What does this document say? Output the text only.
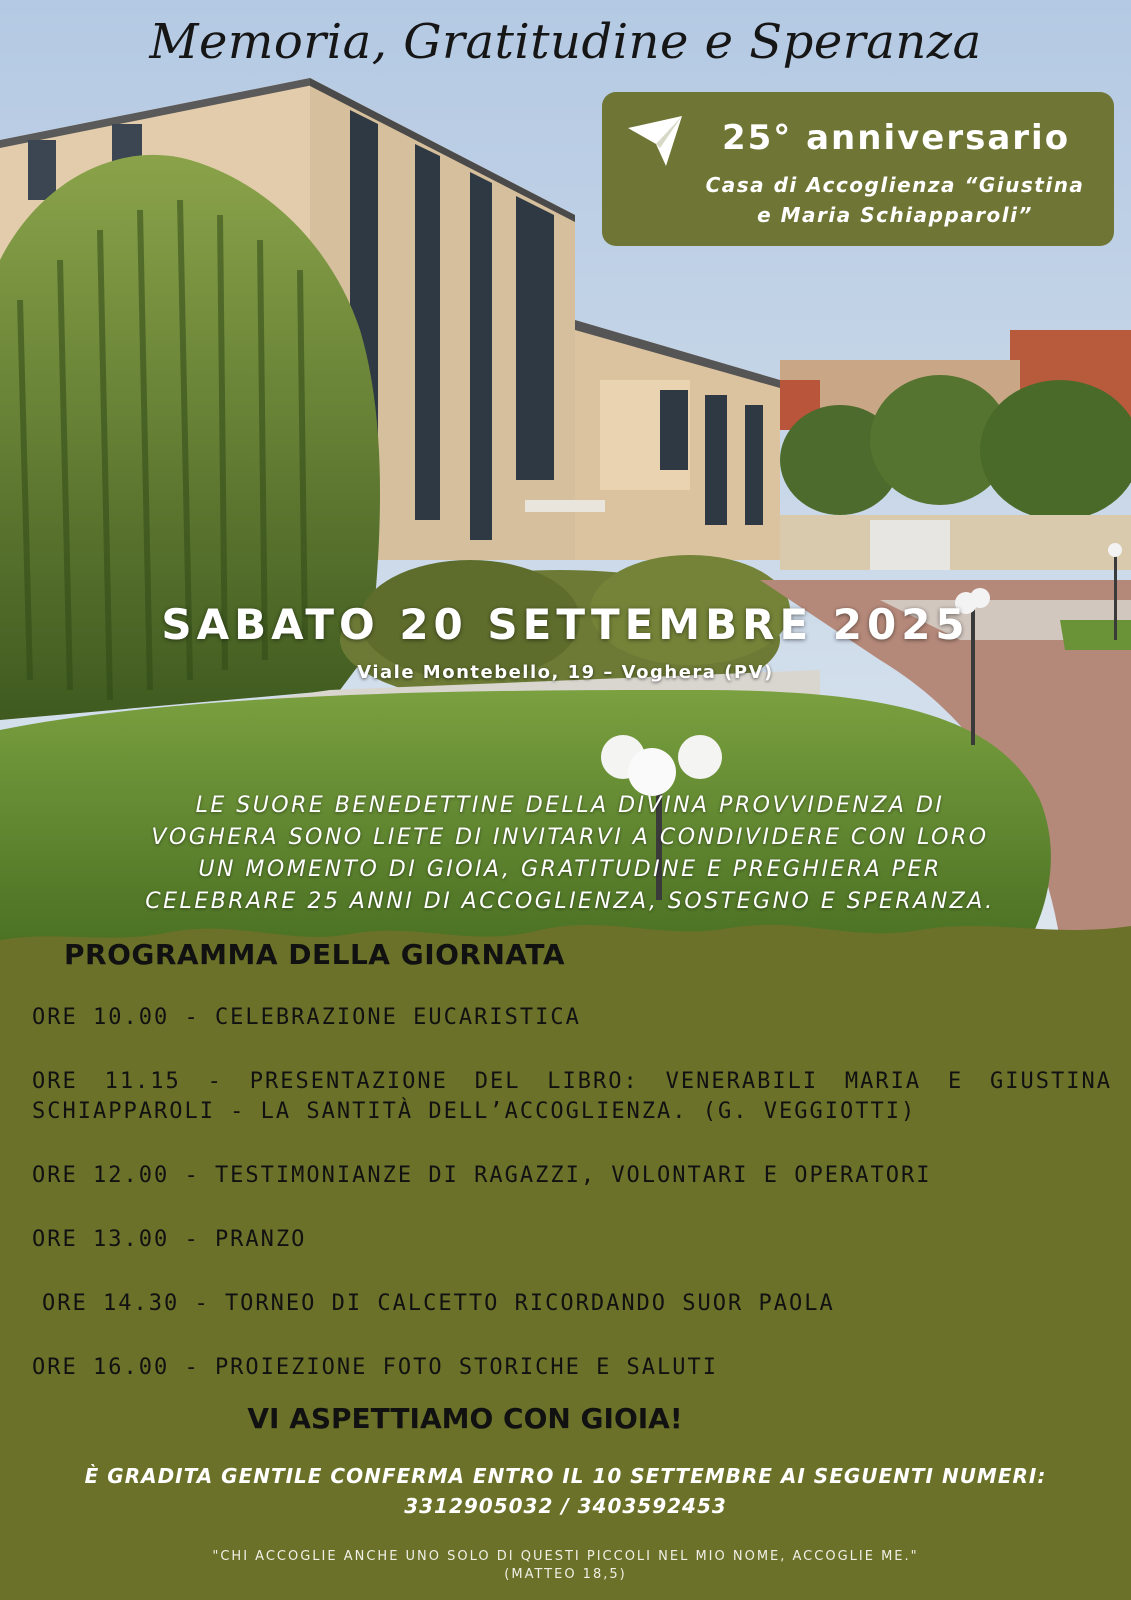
Memoria, Gratitudine e Speranza
25° anniversario
Casa di Accoglienza “Giustina
e Maria Schiapparoli”
SABATO 20 SETTEMBRE 2025
Viale Montebello, 19 – Voghera (PV)
LE SUORE BENEDETTINE DELLA DIVINA PROVVIDENZA DI
VOGHERA SONO LIETE DI INVITARVI A CONDIVIDERE CON LORO
UN MOMENTO DI GIOIA, GRATITUDINE E PREGHIERA PER
CELEBRARE 25 ANNI DI ACCOGLIENZA, SOSTEGNO E SPERANZA.
PROGRAMMA DELLA GIORNATA
ORE 10.00 - CELEBRAZIONE EUCARISTICA
ORE 11.15 - PRESENTAZIONE DEL LIBRO: VENERABILI MARIA E GIUSTINA SCHIAPPAROLI - LA SANTITÀ DELL’ACCOGLIENZA. (G. VEGGIOTTI)
ORE 12.00 - TESTIMONIANZE DI RAGAZZI, VOLONTARI E OPERATORI
ORE 13.00 - PRANZO
ORE 14.30 - TORNEO DI CALCETTO RICORDANDO SUOR PAOLA
ORE 16.00 - PROIEZIONE FOTO STORICHE E SALUTI
VI ASPETTIAMO CON GIOIA!
È GRADITA GENTILE CONFERMA ENTRO IL 10 SETTEMBRE AI SEGUENTI NUMERI:
3312905032 / 3403592453
"CHI ACCOGLIE ANCHE UNO SOLO DI QUESTI PICCOLI NEL MIO NOME, ACCOGLIE ME."
(MATTEO 18,5)
